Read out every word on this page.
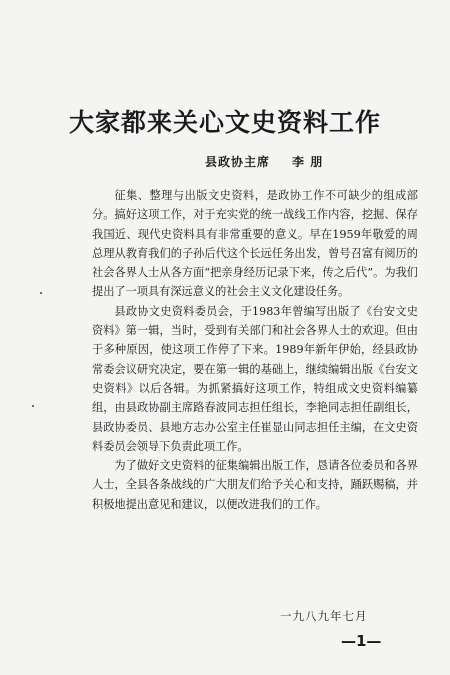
大家都来关心文史资料工作
县政协主席 李 朋

征集、整理与出版文史资料，是政协工作不可缺少的组成部分。搞好这项工作，对于充实党的统一战线工作内容，挖掘、保存我国近、现代史资料具有非常重要的意义。早在1959年敬爱的周总理从教育我们的子孙后代这个长远任务出发，曾号召富有阅历的社会各界人士从各方面“把亲身经历记录下来，传之后代”。为我们提出了一项具有深远意义的社会主义文化建设任务。

县政协文史资料委员会，于1983年曾编写出版了《台安文史资料》第一辑，当时，受到有关部门和社会各界人士的欢迎。但由于多种原因，使这项工作停了下来。1989年新年伊始，经县政协常委会议研究决定，要在第一辑的基础上，继续编辑出版《台安文史资料》以后各辑。为抓紧搞好这项工作，特组成文史资料编纂组，由县政协副主席路春波同志担任组长，李艳同志担任副组长，县政协委员、县地方志办公室主任崔显山同志担任主编，在文史资料委员会领导下负责此项工作。

为了做好文史资料的征集编辑出版工作，恳请各位委员和各界人士，全县各条战线的广大朋友们给予关心和支持，踊跃赐稿，并积极地提出意见和建议，以便改进我们的工作。

一九八九年七月
—1—
